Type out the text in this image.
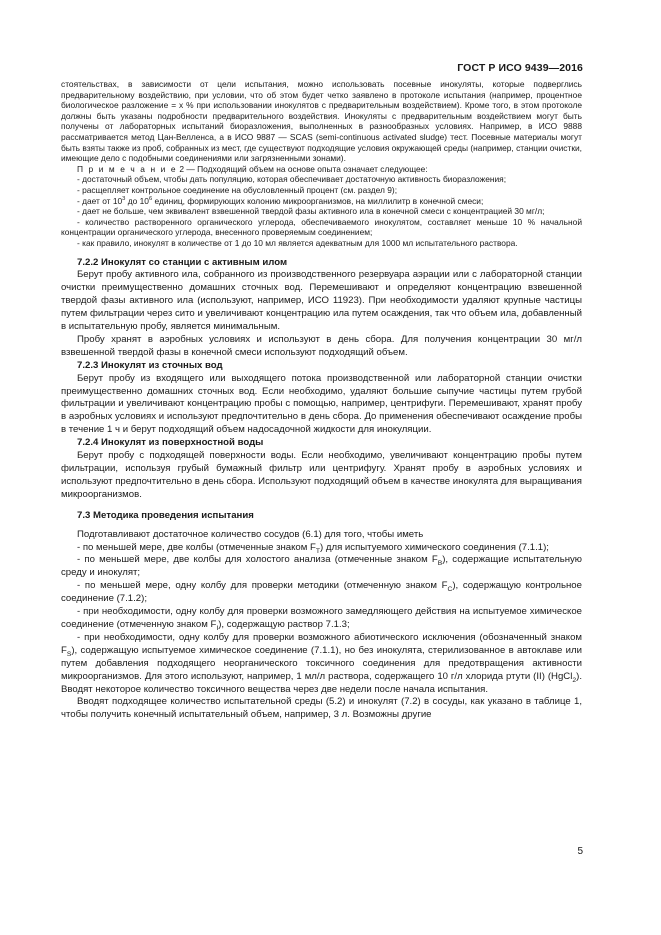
ГОСТ Р ИСО 9439—2016

стоятельствах, в зависимости от цели испытания, можно использовать посевные инокуляты, которые подверглись предварительному воздействию, при условии, что об этом будет четко заявлено в протоколе испытания (например, процентное биологическое разложение = x % при использовании инокулятов с предварительным воздействием). Кроме того, в этом протоколе должны быть указаны подробности предварительного воздействия. Инокуляты с предварительным воздействием могут быть получены от лабораторных испытаний биоразложения, выполненных в разнообразных условиях. Например, в ИСО 9888 рассматривается метод Цан-Велленса, а в ИСО 9887 — SCAS (semi-continuous activated sludge) тест. Посевные материалы могут быть взяты также из проб, собранных из мест, где существуют подходящие условия окружающей среды (например, станции очистки, имеющие дело с подобными соединениями или загрязненными зонами).

П р и м е ч а н и е 2 — Подходящий объем на основе опыта означает следующее:

- достаточный объем, чтобы дать популяцию, которая обеспечивает достаточную активность биоразложения;

- расщепляет контрольное соединение на обусловленный процент (см. раздел 9);

- дает от $10^3$ до $10^6$ единиц, формирующих колонию микроорганизмов, на миллилитр в конечной смеси;

- дает не больше, чем эквивалент взвешенной твердой фазы активного ила в конечной смеси с концентрацией 30 мг/л;

- количество растворенного органического углерода, обеспечиваемого инокулятом, составляет меньше 10 % начальной концентрации органического углерода, внесенного проверяемым соединением;

- как правило, инокулят в количестве от 1 до 10 мл является адекватным для 1000 мл испытательного раствора.

7.2.2 Инокулят со станции с активным илом

Берут пробу активного ила, собранного из производственного резервуара аэрации или с лабораторной станции очистки преимущественно домашних сточных вод. Перемешивают и определяют концентрацию взвешенной твердой фазы активного ила (используют, например, ИСО 11923). При необходимости удаляют крупные частицы путем фильтрации через сито и увеличивают концентрацию ила путем осаждения, так что объем ила, добавленный в испытательную пробу, является минимальным.

Пробу хранят в аэробных условиях и используют в день сбора. Для получения концентрации 30 мг/л взвешенной твердой фазы в конечной смеси используют подходящий объем.

7.2.3 Инокулят из сточных вод

Берут пробу из входящего или выходящего потока производственной или лабораторной станции очистки преимущественно домашних сточных вод. Если необходимо, удаляют большие сыпучие частицы путем грубой фильтрации и увеличивают концентрацию пробы с помощью, например, центрифуги. Перемешивают, хранят пробу в аэробных условиях и используют предпочтительно в день сбора. До применения обеспечивают осаждение пробы в течение 1 ч и берут подходящий объем надосадочной жидкости для инокуляции.

7.2.4 Инокулят из поверхностной воды

Берут пробу с подходящей поверхности воды. Если необходимо, увеличивают концентрацию пробы путем фильтрации, используя грубый бумажный фильтр или центрифугу. Хранят пробу в аэробных условиях и используют предпочтительно в день сбора. Используют подходящий объем в качестве инокулята для выращивания микроорганизмов.

7.3 Методика проведения испытания

Подготавливают достаточное количество сосудов (6.1) для того, чтобы иметь

- по меньшей мере, две колбы (отмеченные знаком $F_T$) для испытуемого химического соединения (7.1.1);

- по меньшей мере, две колбы для холостого анализа (отмеченные знаком $F_B$), содержащие испытательную среду и инокулят;

- по меньшей мере, одну колбу для проверки методики (отмеченную знаком $F_C$), содержащую контрольное соединение (7.1.2);

- при необходимости, одну колбу для проверки возможного замедляющего действия на испытуемое химическое соединение (отмеченную знаком $F_I$), содержащую раствор 7.1.3;

- при необходимости, одну колбу для проверки возможного абиотического исключения (обозначенный знаком $F_S$), содержащую испытуемое химическое соединение (7.1.1), но без инокулята, стерилизованное в автоклаве или путем добавления подходящего неорганического токсичного соединения для предотвращения активности микроорганизмов. Для этого используют, например, 1 мл/л раствора, содержащего 10 г/л хлорида ртути (II) (HgCl$_2$). Вводят некоторое количество токсичного вещества через две недели после начала испытания.

Вводят подходящее количество испытательной среды (5.2) и инокулят (7.2) в сосуды, как указано в таблице 1, чтобы получить конечный испытательный объем, например, 3 л. Возможны другие

5
